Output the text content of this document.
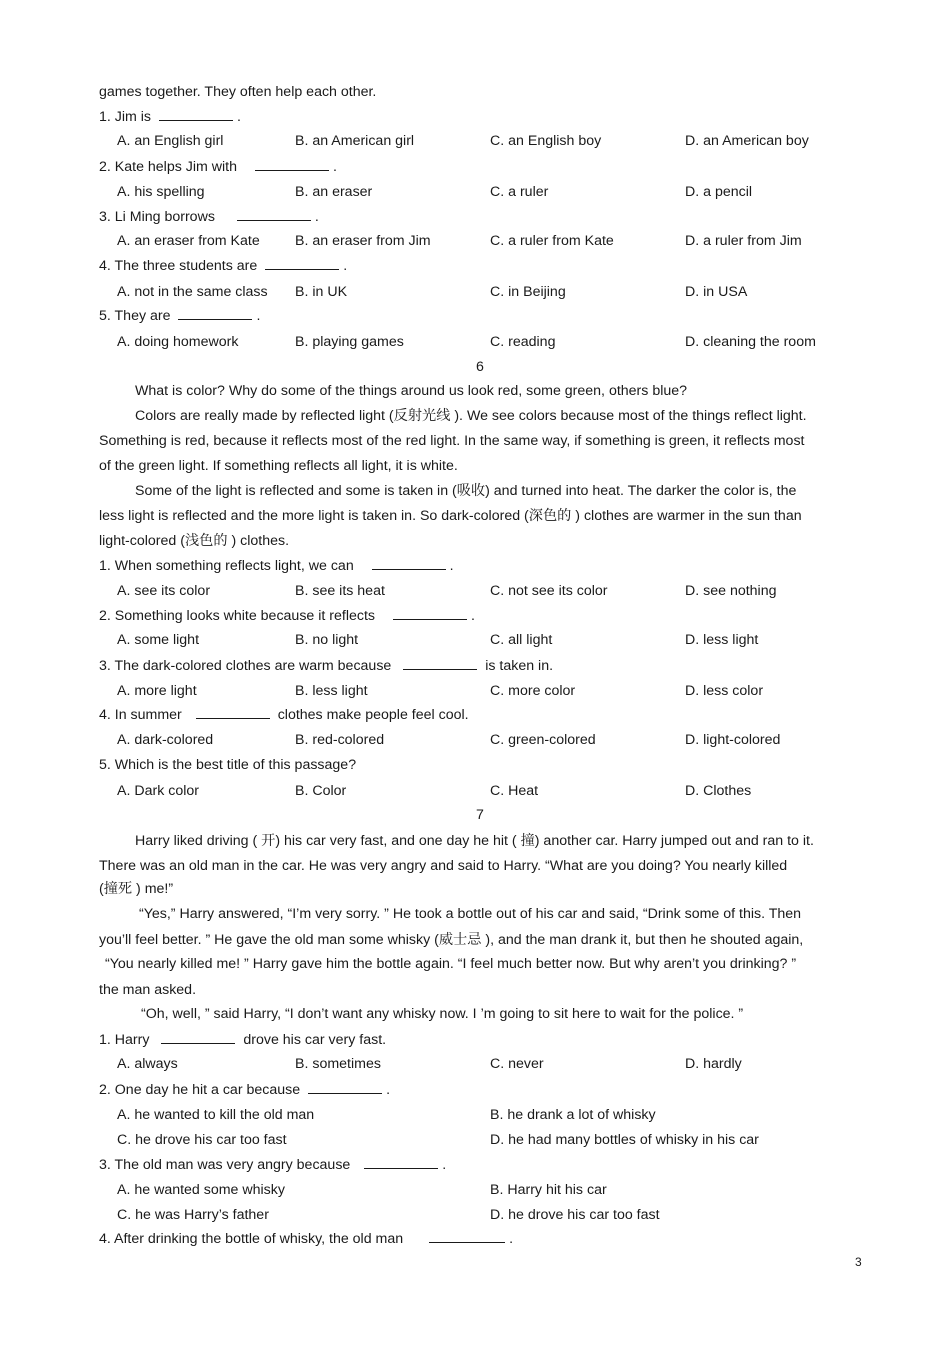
games together. They often help each other.
1. Jim is	.
A. an English girl	B. an American girl	C. an English boy	D. an American boy
2. Kate helps Jim with	.
A. his spelling	B. an eraser	C. a ruler	D. a pencil
3. Li Ming borrows	.
A. an eraser from Kate B. an eraser from Jim	C. a ruler from Kate	D. a ruler from Jim
4. The three students are	.
A. not in the same class B. in UK	C. in Beijing	D. in USA
5. They are	.
A. doing homework	B. playing games	C. reading	D. cleaning the room
6
What is color? Why do some of the things around us look red, some green, others blue?
Colors are really made by reflected light (反射光线 ). We see colors because most of the things reflect light.
Something is red, because it reflects most of the red light. In the same way, if something is green, it reflects most
of the green light. If something reflects all light, it is white.
Some of the light is reflected and some is taken in (吸收) and turned into heat. The darker the color is, the
less light is reflected and the more light is taken in. So dark-colored (深色的 ) clothes are warmer in the sun than
light-colored (浅色的 ) clothes.
1. When something reflects light, we can	.
A. see its color	B. see its heat	C. not see its color	D. see nothing
2. Something looks white because it reflects	.
A. some light	B. no light	C. all light	D. less light
3. The dark-colored clothes are warm because	is taken in.
A. more light	B. less light	C. more color	D. less color
4. In summer	clothes make people feel cool.
A. dark-colored	B. red-colored	C. green-colored	D. light-colored
5. Which is the best title of this passage?
A. Dark color	B. Color	C. Heat	D. Clothes
7
Harry liked driving ( 开) his car very fast, and one day he hit ( 撞) another car. Harry jumped out and ran to it.
There was an old man in the car. He was very angry and said to Harry. “What are you doing? You nearly killed
(撞死 ) me!”
“Yes,” Harry answered, “I’m very sorry. ” He took a bottle out of his car and said, “Drink some of this. Then
you’ll feel better. ” He gave the old man some whisky (威士忌 ), and the man drank it, but then he shouted again,
“You nearly killed me! ” Harry gave him the bottle again. “I feel much better now. But why aren’t you drinking? ”
the man asked.
“Oh, well, ” said Harry, “I don’t want any whisky now. I ’m going to sit here to wait for the police. ”
1. Harry	drove his car very fast.
A. always	B. sometimes	C. never	D. hardly
2. One day he hit a car because	.
A. he wanted to kill the old man	B. he drank a lot of whisky
C. he drove his car too fast	D. he had many bottles of whisky in his car
3. The old man was very angry because	.
A. he wanted some whisky	B. Harry hit his car
C. he was Harry’s father	D. he drove his car too fast
4. After drinking the bottle of whisky, the old man	.
3
